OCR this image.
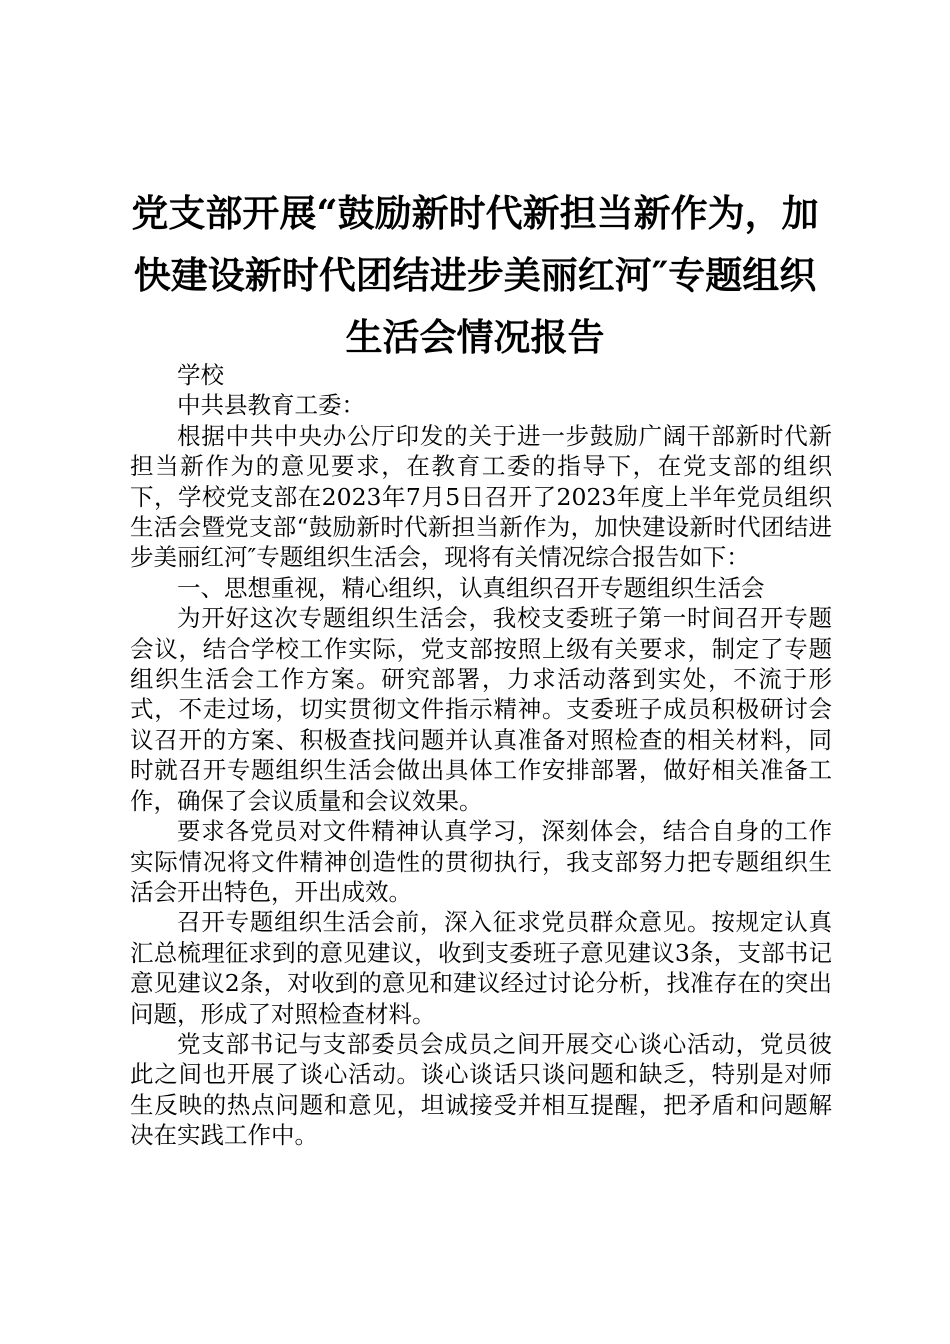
党支部开展“鼓励新时代新担当新作为，加快建设新时代团结进步美丽红河″专题组织生活会情况报告

学校

中共县教育工委：

根据中共中央办公厅印发的关于进一步鼓励广阔干部新时代新担当新作为的意见要求，在教育工委的指导下，在党支部的组织下，学校党支部在2023年7月5日召开了2023年度上半年党员组织生活会暨党支部“鼓励新时代新担当新作为，加快建设新时代团结进步美丽红河″专题组织生活会，现将有关情况综合报告如下：

一、思想重视，精心组织，认真组织召开专题组织生活会

为开好这次专题组织生活会，我校支委班子第一时间召开专题会议，结合学校工作实际，党支部按照上级有关要求，制定了专题组织生活会工作方案。研究部署，力求活动落到实处，不流于形式，不走过场，切实贯彻文件指示精神。支委班子成员积极研讨会议召开的方案、积极查找问题并认真准备对照检查的相关材料，同时就召开专题组织生活会做出具体工作安排部署，做好相关准备工作，确保了会议质量和会议效果。

要求各党员对文件精神认真学习，深刻体会，结合自身的工作实际情况将文件精神创造性的贯彻执行，我支部努力把专题组织生活会开出特色，开出成效。

召开专题组织生活会前，深入征求党员群众意见。按规定认真汇总梳理征求到的意见建议，收到支委班子意见建议3条，支部书记意见建议2条，对收到的意见和建议经过讨论分析，找准存在的突出问题，形成了对照检查材料。

党支部书记与支部委员会成员之间开展交心谈心活动，党员彼此之间也开展了谈心活动。谈心谈话只谈问题和缺乏，特别是对师生反映的热点问题和意见，坦诚接受并相互提醒，把矛盾和问题解决在实践工作中。
